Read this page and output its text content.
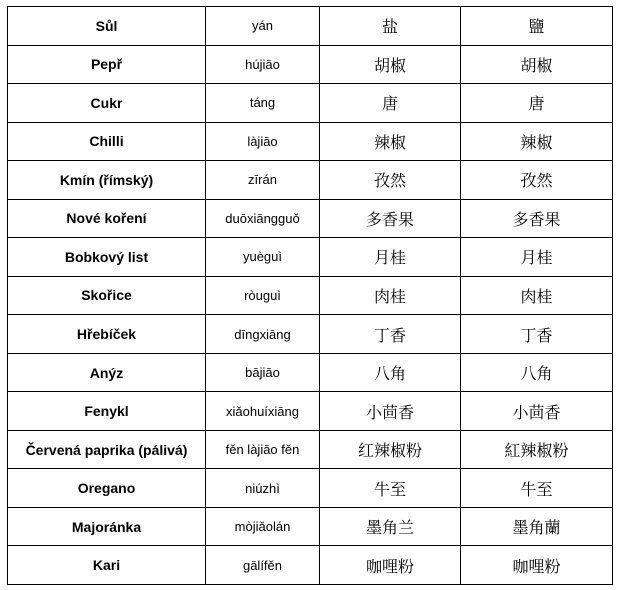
Sůl	yán	盐	鹽
Pepř	hújiāo	胡椒	胡椒
Cukr	táng	唐	唐
Chilli	làjiāo	辣椒	辣椒
Kmín (římský)	zīrán	孜然	孜然
Nové koření	duōxiāngguǒ	多香果	多香果
Bobkový list	yuèguì	月桂	月桂
Skořice	ròuguì	肉桂	肉桂
Hřebíček	dīngxiāng	丁香	丁香
Anýz	bājiāo	八角	八角
Fenykl	xiǎohuíxiāng	小茴香	小茴香
Červená paprika (pálivá)	fěn làjiāo fěn	红辣椒粉	紅辣椒粉
Oregano	niúzhì	牛至	牛至
Majoránka	mòjiǎolán	墨角兰	墨角蘭
Kari	gālífěn	咖哩粉	咖哩粉
